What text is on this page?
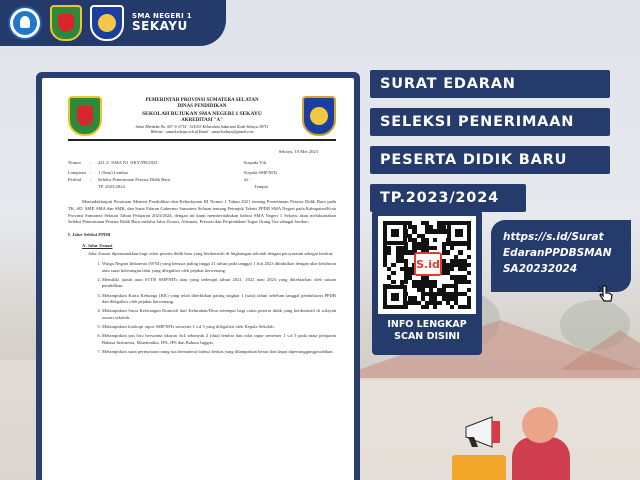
SMA NEGERI 1
SEKAYU
PEMERINTAH PROVINSI SUMATERA SELATAN
DINAS PENDIDIKAN
SEKOLAH RUJUKAN SMA NEGERI 1 SEKAYU
AKREDITASI "A"
Jalan Merdeka No. 007 ℗ 0714 - 321033 Kelurahan Sukarami Kode Sekayu 30711
Website : sman1sekayu.sch.id Email : sman1sekayu@gmail.com
Sekayu, 10 Mei 2023
Nomor	:	421.3/ /SMA N1 /SKY/PB/2023
Lampiran :	1 (Satu) Lembar
Perihal	:	Seleksi Penerimaan Peserta Didik Baru
TP. 2023/2024
Kepada Yth.
Kepala SMP/MTs
di -
Tempat
Menindaklanjuti Peraturan Menteri Pendidikan dan Kebudayaan RI Nomor 1 Tahun 2021 tentang Penerimaan Peserta Didik Baru pada TK, SD, SMP, SMA dan SMK, dan Surat Edaran Gubernur Sumatera Selatan tentang Petunjuk Teknis PPDB SMA Negeri pada Kabupaten/Kota Provinsi Sumatera Selatan Tahun Pelajaran 2023/2024, dengan ini kami memberitahukan bahwa SMA Negeri 1 Sekayu akan melaksanakan Seleksi Penerimaan Peserta Didik Baru melalui Jalur Zonasi, Afirmasi, Prestasi dan Perpindahan Tugas Orang Tua sebagai berikut:
I. Jalur Seleksi PPDB
A. Jalur Zonasi
Jalur Zonasi diperuntukkan bagi calon peserta didik baru yang berdomisili di lingkungan sekolah dengan persyaratan sebagai berikut:
1. Warga Negara Indonesia (WNI) yang berusia paling tinggi 21 tahun pada tanggal 1 Juli 2023 dibuktikan dengan akte kelahiran atau surat keterangan lahir yang dilegalisir oleh pejabat berwenang.
2. Memiliki ijazah atau STTB SMP/MTs atau yang sederajat tahun 2021, 2022 atau 2023 yang dikeluarkan oleh satuan pendidikan.
3. Melampirkan Kartu Keluarga (KK) yang telah diterbitkan paling singkat 1 (satu) tahun sebelum tanggal pendaftaran PPDB dan dilegalisir oleh pejabat berwenang.
4. Melampirkan Surat Keterangan Domisili dari Kelurahan/Desa setempat bagi calon peserta didik yang berdomisili di wilayah zonasi sekolah.
5. Melampirkan fotokopi rapor SMP/MTs semester 1 s.d 5 yang dilegalisir oleh Kepala Sekolah.
6. Melampirkan pas foto berwarna ukuran 3x4 sebanyak 2 (dua) lembar dan nilai rapor semester 1 s.d 5 pada mata pelajaran Bahasa Indonesia, Matematika, IPA, IPS dan Bahasa Inggris.
7. Melampirkan surat pernyataan orang tua bermaterai bahwa berkas yang dilampirkan benar dan dapat dipertanggungjawabkan.
SURAT EDARAN
SELEKSI PENERIMAAN
PESERTA DIDIK BARU
TP.2023/2024
S.id
INFO LENGKAP
SCAN DISINI
https://s.id/Surat
EdaranPPDBSMAN
SA20232024
